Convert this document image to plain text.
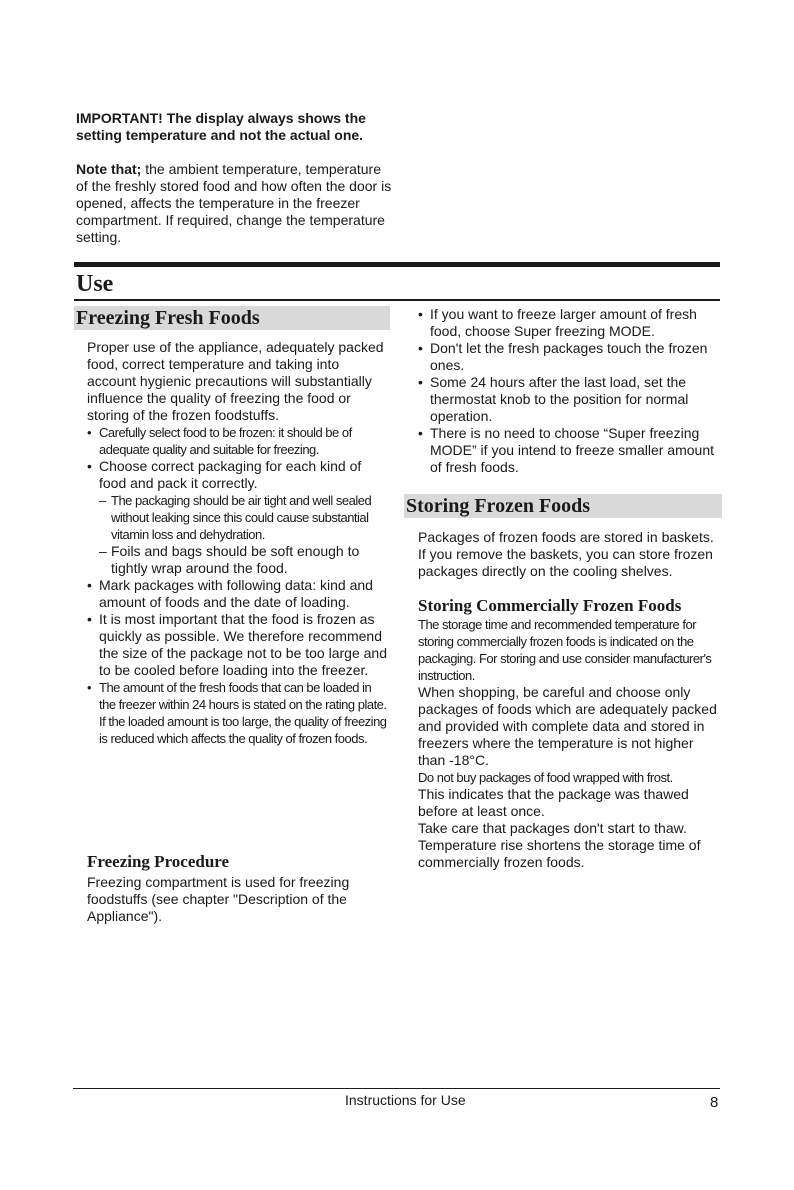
IMPORTANT! The display always shows the setting temperature and not the actual one.

Note that; the ambient temperature, temperature of the freshly stored food and how often the door is opened, affects the temperature in the freezer compartment. If required, change the temperature setting.

Use
Freezing Fresh Foods

Proper use of the appliance, adequately packed food, correct temperature and taking into account hygienic precautions will substantially influence the quality of freezing the food or storing of the frozen foodstuffs.

• Carefully select food to be frozen: it should be of adequate quality and suitable for freezing.
• Choose correct packaging for each kind of food and pack it correctly.
– The packaging should be air tight and well sealed without leaking since this could cause substantial vitamin loss and dehydration.
– Foils and bags should be soft enough to tightly wrap around the food.
• Mark packages with following data: kind and amount of foods and the date of loading.
• It is most important that the food is frozen as quickly as possible. We therefore recommend the size of the package not to be too large and to be cooled before loading into the freezer.
• The amount of the fresh foods that can be loaded in the freezer within 24 hours is stated on the rating plate. If the loaded amount is too large, the quality of freezing is reduced which affects the quality of frozen foods.
• If you want to freeze larger amount of fresh food, choose Super freezing MODE.
• Don't let the fresh packages touch the frozen ones.
• Some 24 hours after the last load, set the thermostat knob to the position for normal operation.
• There is no need to choose “Super freezing MODE” if you intend to freeze smaller amount of fresh foods.
Storing Frozen Foods

Packages of frozen foods are stored in baskets. If you remove the baskets, you can store frozen packages directly on the cooling shelves.

Storing Commercially Frozen Foods

The storage time and recommended temperature for storing commercially frozen foods is indicated on the packaging. For storing and use consider manufacturer's instruction.

When shopping, be careful and choose only packages of foods which are adequately packed and provided with complete data and stored in freezers where the temperature is not higher than -18°C.

Do not buy packages of food wrapped with frost.

This indicates that the package was thawed before at least once.

Take care that packages don't start to thaw. Temperature rise shortens the storage time of commercially frozen foods.

Freezing Procedure

Freezing compartment is used for freezing foodstuffs (see chapter "Description of the Appliance").

Instructions for Use	8
